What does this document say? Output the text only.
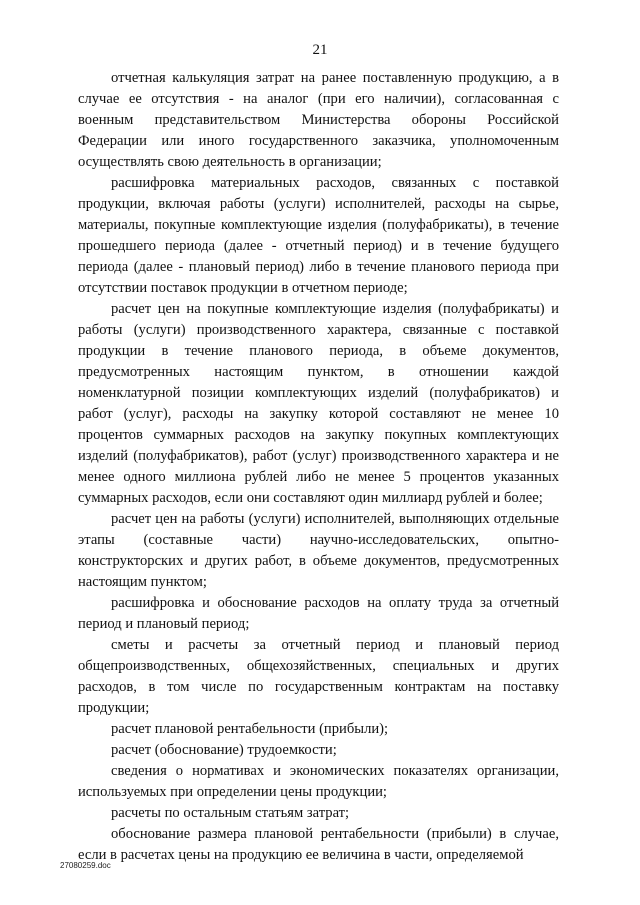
21

отчетная калькуляция затрат на ранее поставленную продукцию, а в случае ее отсутствия - на аналог (при его наличии), согласованная с военным представительством Министерства обороны Российской Федерации или иного государственного заказчика, уполномоченным осуществлять свою деятельность в организации;

расшифровка материальных расходов, связанных с поставкой продукции, включая работы (услуги) исполнителей, расходы на сырье, материалы, покупные комплектующие изделия (полуфабрикаты), в течение прошедшего периода (далее - отчетный период) и в течение будущего периода (далее - плановый период) либо в течение планового периода при отсутствии поставок продукции в отчетном периоде;

расчет цен на покупные комплектующие изделия (полуфабрикаты) и работы (услуги) производственного характера, связанные с поставкой продукции в течение планового периода, в объеме документов, предусмотренных настоящим пунктом, в отношении каждой номенклатурной позиции комплектующих изделий (полуфабрикатов) и работ (услуг), расходы на закупку которой составляют не менее 10 процентов суммарных расходов на закупку покупных комплектующих изделий (полуфабрикатов), работ (услуг) производственного характера и не менее одного миллиона рублей либо не менее 5 процентов указанных суммарных расходов, если они составляют один миллиард рублей и более;

расчет цен на работы (услуги) исполнителей, выполняющих отдельные этапы (составные части) научно-исследовательских, опытно-конструкторских и других работ, в объеме документов, предусмотренных настоящим пунктом;

расшифровка и обоснование расходов на оплату труда за отчетный период и плановый период;

сметы и расчеты за отчетный период и плановый период общепроизводственных, общехозяйственных, специальных и других расходов, в том числе по государственным контрактам на поставку продукции;

расчет плановой рентабельности (прибыли);

расчет (обоснование) трудоемкости;

сведения о нормативах и экономических показателях организации, используемых при определении цены продукции;

расчеты по остальным статьям затрат;

обоснование размера плановой рентабельности (прибыли) в случае, если в расчетах цены на продукцию ее величина в части, определяемой

27080259.doc
